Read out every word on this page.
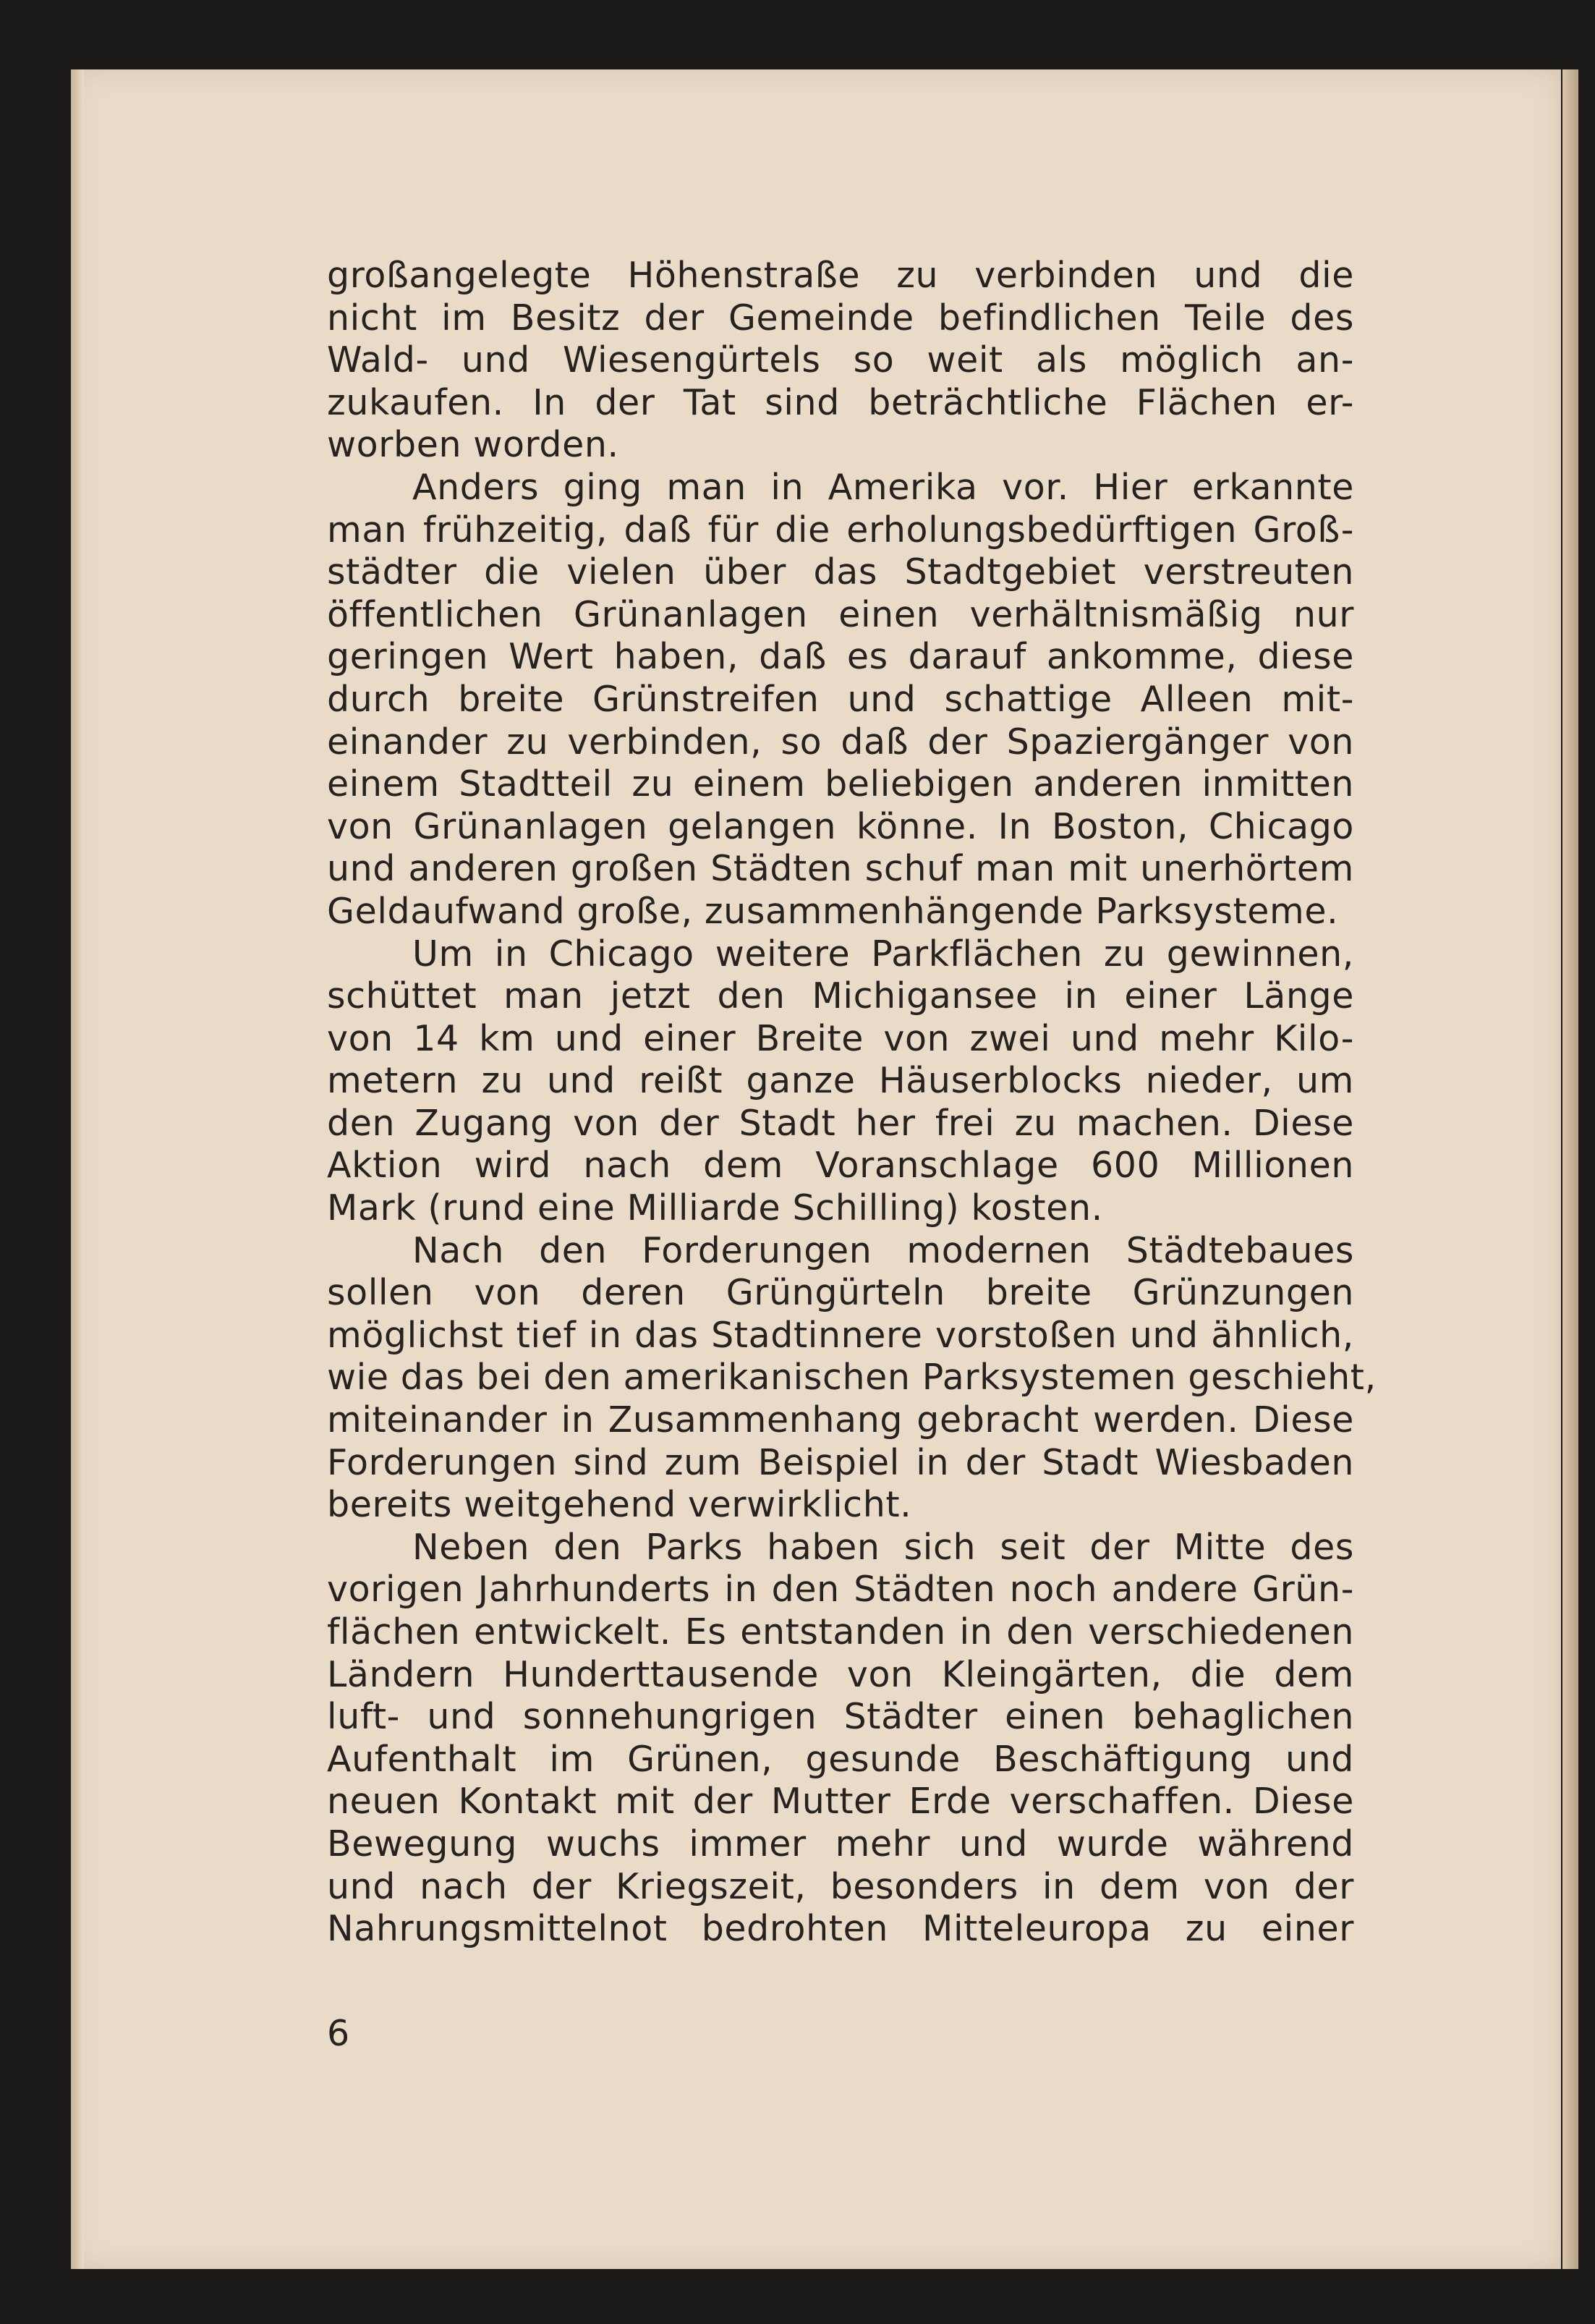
großangelegte Höhenstraße zu verbinden und die
nicht im Besitz der Gemeinde befindlichen Teile des
Wald- und Wiesengürtels so weit als möglich an-
zukaufen. In der Tat sind beträchtliche Flächen er-
worben worden.
Anders ging man in Amerika vor. Hier erkannte
man frühzeitig, daß für die erholungsbedürftigen Groß-
städter die vielen über das Stadtgebiet verstreuten
öffentlichen Grünanlagen einen verhältnismäßig nur
geringen Wert haben, daß es darauf ankomme, diese
durch breite Grünstreifen und schattige Alleen mit-
einander zu verbinden, so daß der Spaziergänger von
einem Stadtteil zu einem beliebigen anderen inmitten
von Grünanlagen gelangen könne. In Boston, Chicago
und anderen großen Städten schuf man mit unerhörtem
Geldaufwand große, zusammenhängende Parksysteme.
Um in Chicago weitere Parkflächen zu gewinnen,
schüttet man jetzt den Michigansee in einer Länge
von 14 km und einer Breite von zwei und mehr Kilo-
metern zu und reißt ganze Häuserblocks nieder, um
den Zugang von der Stadt her frei zu machen. Diese
Aktion wird nach dem Voranschlage 600 Millionen
Mark (rund eine Milliarde Schilling) kosten.
Nach den Forderungen modernen Städtebaues
sollen von deren Grüngürteln breite Grünzungen
möglichst tief in das Stadtinnere vorstoßen und ähnlich,
wie das bei den amerikanischen Parksystemen geschieht,
miteinander in Zusammenhang gebracht werden. Diese
Forderungen sind zum Beispiel in der Stadt Wiesbaden
bereits weitgehend verwirklicht.
Neben den Parks haben sich seit der Mitte des
vorigen Jahrhunderts in den Städten noch andere Grün-
flächen entwickelt. Es entstanden in den verschiedenen
Ländern Hunderttausende von Kleingärten, die dem
luft- und sonnehungrigen Städter einen behaglichen
Aufenthalt im Grünen, gesunde Beschäftigung und
neuen Kontakt mit der Mutter Erde verschaffen. Diese
Bewegung wuchs immer mehr und wurde während
und nach der Kriegszeit, besonders in dem von der
Nahrungsmittelnot bedrohten Mitteleuropa zu einer
6
